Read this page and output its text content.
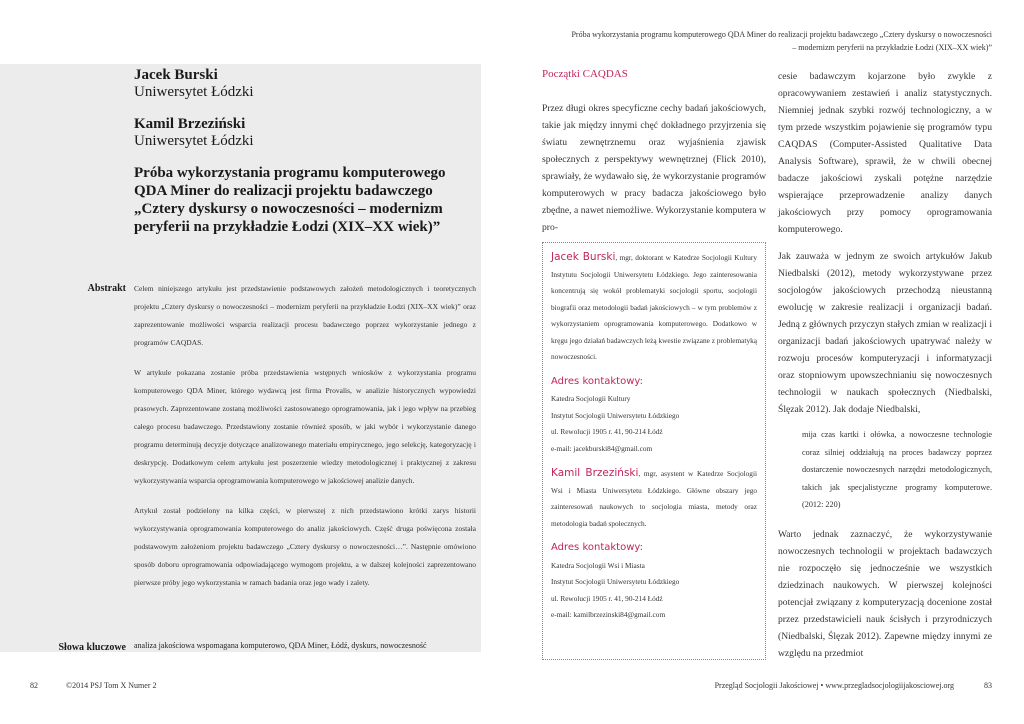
Próba wykorzystania programu komputerowego QDA Miner do realizacji projektu badawczego „Cztery dyskursy o nowoczesności
– modernizm peryferii na przykładzie Łodzi (XIX–XX wiek)”
Jacek Burski
Uniwersytet Łódzki
Kamil Brzeziński
Uniwersytet Łódzki
Próba wykorzystania programu komputerowego QDA Miner do realizacji projektu badawczego „Cztery dyskursy o nowoczesności – modernizm peryferii na przykładzie Łodzi (XIX–XX wiek)”
Abstrakt Celem niniejszego artykułu jest przedstawienie podstawowych założeń metodologicznych i teoretycznych projektu „Cztery dyskursy o nowoczesności – modernizm peryferii na przykładzie Łodzi (XIX–XX wiek)” oraz zaprezentowanie możliwości wsparcia realizacji procesu badawczego poprzez wykorzystanie jednego z programów CAQDAS.

W artykule pokazana zostanie próba przedstawienia wstępnych wniosków z wykorzystania programu komputerowego QDA Miner, którego wydawcą jest firma Provalis, w analizie historycznych wypowiedzi prasowych. Zaprezentowane zostaną możliwości zastosowanego oprogramowania, jak i jego wpływ na przebieg całego procesu badawczego. Przedstawiony zostanie również sposób, w jaki wybór i wykorzystanie danego programu determinują decyzje dotyczące analizowanego materiału empirycznego, jego selekcję, kategoryzację i deskrypcję. Dodatkowym celem artykułu jest poszerzenie wiedzy metodologicznej i praktycznej z zakresu wykorzystywania wsparcia oprogramowania komputerowego w jakościowej analizie danych.

Artykuł został podzielony na kilka części, w pierwszej z nich przedstawiono krótki zarys historii wykorzystywania oprogramowania komputerowego do analiz jakościowych. Część druga poświęcona została podstawowym założeniom projektu badawczego „Cztery dyskursy o nowoczesności…”. Następnie omówiono sposób doboru oprogramowania odpowiadającego wymogom projektu, a w dalszej kolejności zaprezentowano pierwsze próby jego wykorzystania w ramach badania oraz jego wady i zalety.

Słowa kluczowe analiza jakościowa wspomagana komputerowo, QDA Miner, Łódź, dyskurs, nowoczesność
Początki CAQDAS

Przez długi okres specyficzne cechy badań jakościowych, takie jak między innymi chęć dokładnego przyjrzenia się światu zewnętrznemu oraz wyjaśnienia zjawisk społecznych z perspektywy wewnętrznej (Flick 2010), sprawiały, że wydawało się, że wykorzystanie programów komputerowych w pracy badacza jakościowego było zbędne, a nawet niemożliwe. Wykorzystanie komputera w pro-

Jacek Burski, mgr, doktorant w Katedrze Socjologii Kultury Instytutu Socjologii Uniwersytetu Łódzkiego. Jego zainteresowania koncentrują się wokół problematyki socjologii sportu, socjologii biografii oraz metodologii badań jakościowych – w tym problemów z wykorzystaniem oprogramowania komputerowego. Dodatkowo w kręgu jego działań badawczych leżą kwestie związane z problematyką nowoczesności.

Adres kontaktowy:
Katedra Socjologii Kultury
Instytut Socjologii Uniwersytetu Łódzkiego
ul. Rewolucji 1905 r. 41, 90-214 Łódź
e-mail: jacekburski84@gmail.com

Kamil Brzeziński, mgr, asystent w Katedrze Socjologii Wsi i Miasta Uniwersytetu Łódzkiego. Główne obszary jego zainteresowań naukowych to socjologia miasta, metody oraz metodologia badań społecznych.

Adres kontaktowy:
Katedra Socjologii Wsi i Miasta
Instytut Socjologii Uniwersytetu Łódzkiego
ul. Rewolucji 1905 r. 41, 90-214 Łódź
e-mail: kamilbrzezinski84@gmail.com

cesie badawczym kojarzone było zwykle z opracowywaniem zestawień i analiz statystycznych. Niemniej jednak szybki rozwój technologiczny, a w tym przede wszystkim pojawienie się programów typu CAQDAS (Computer-Assisted Qualitative Data Analysis Software), sprawił, że w chwili obecnej badacze jakościowi zyskali potężne narzędzie wspierające przeprowadzenie analizy danych jakościowych przy pomocy oprogramowania komputerowego.

Jak zauważa w jednym ze swoich artykułów Jakub Niedbalski (2012), metody wykorzystywane przez socjologów jakościowych przechodzą nieustanną ewolucję w zakresie realizacji i organizacji badań. Jedną z głównych przyczyn stałych zmian w realizacji i organizacji badań jakościowych upatrywać należy w rozwoju procesów komputeryzacji i informatyzacji oraz stopniowym upowszechnianiu się nowoczesnych technologii w naukach społecznych (Niedbalski, Ślęzak 2012). Jak dodaje Niedbalski,

mija czas kartki i ołówka, a nowoczesne technologie coraz silniej oddziałują na proces badawczy poprzez dostarczenie nowoczesnych narzędzi metodologicznych, takich jak specjalistyczne programy komputerowe. (2012: 220)

Warto jednak zaznaczyć, że wykorzystywanie nowoczesnych technologii w projektach badawczych nie rozpoczęło się jednocześnie we wszystkich dziedzinach naukowych. W pierwszej kolejności potencjał związany z komputeryzacją docenione został przez przedstawicieli nauk ścisłych i przyrodniczych (Niedbalski, Ślęzak 2012). Zapewne między innymi ze względu na przedmiot

82	©2014 PSJ Tom X Numer 2	Przegląd Socjologii Jakościowej • www.przegladsocjologiijakosciowej.org	83
